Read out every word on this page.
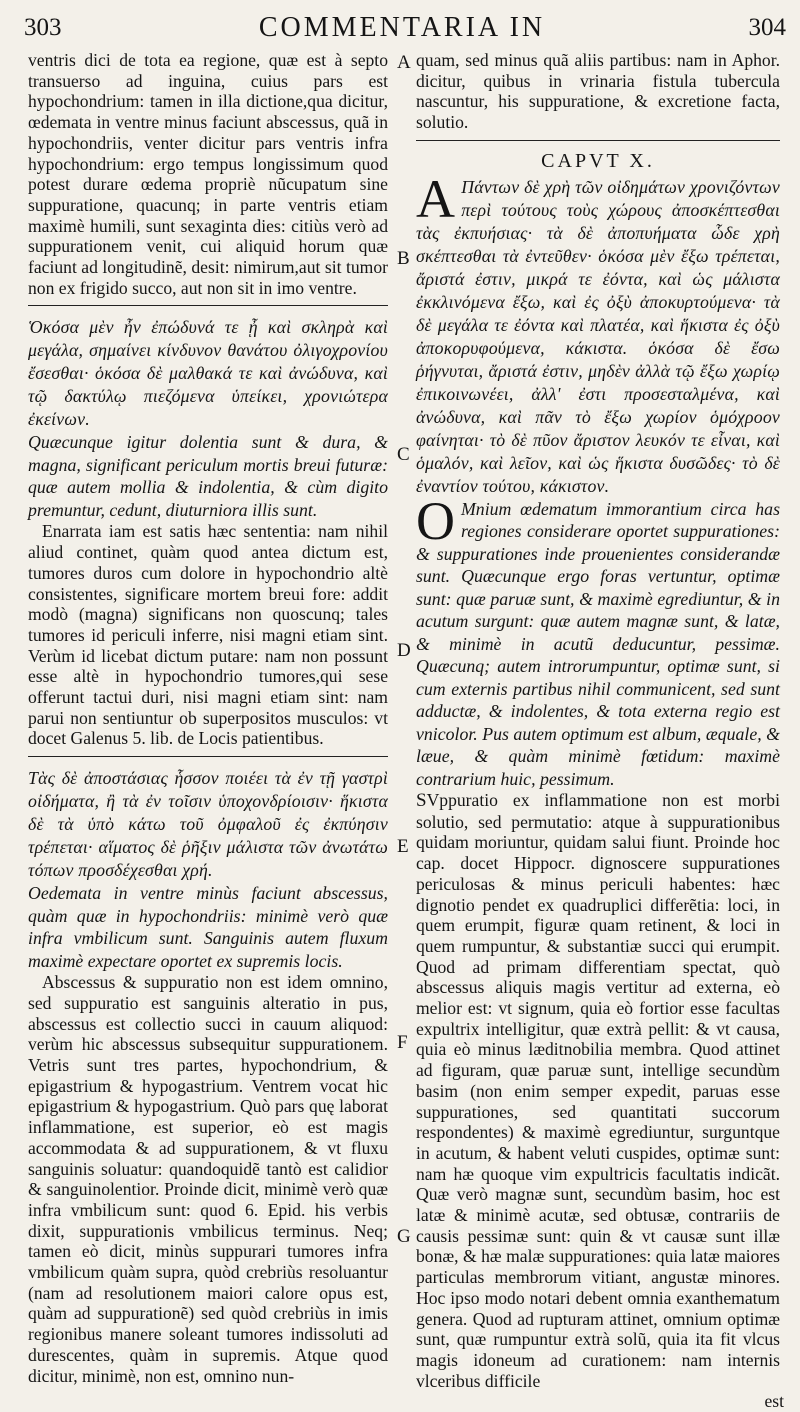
303	COMMENTARIA IN	304
A
B
C
D
E
F
G

ventris dici de tota ea regione, quæ est à septo transuerso ad inguina, cuius pars est hypochondrium: tamen in illa dictione,qua dicitur, œdemata in ventre minus faciunt abscessus, quã in hypochondriis, venter dicitur pars ventris infra hypochondrium: ergo tempus longissimum quod potest durare œdema propriè nũcupatum sine suppuratione, quacunq; in parte ventris etiam maximè humili, sunt sexaginta dies: citiùs verò ad suppurationem venit, cui aliquid horum quæ faciunt ad longitudinẽ, desit: nimirum,aut sit tumor non ex frigido succo, aut non sit in imo ventre.

Ὁκόσα μὲν ἦν ἐπώδυνά τε ᾖ καὶ σκληρὰ καὶ μεγάλα, σημαίνει κίνδυνον θανάτου ὀλιγοχρονίου ἔσεσθαι· ὁκόσα δὲ μαλθακά τε καὶ ἀνώδυνα, καὶ τῷ δακτύλῳ πιεζόμενα ὑπείκει, χρονιώτερα ἐκείνων.

Quæcunque igitur dolentia sunt & dura, & magna, significant periculum mortis breui futuræ: quæ autem mollia & indolentia, & cùm digito premuntur, cedunt, diuturniora illis sunt.

Enarrata iam est satis hæc sententia: nam nihil aliud continet, quàm quod antea dictum est, tumores duros cum dolore in hypochondrio altè consistentes, significare mortem breui fore: addit modò (magna) significans non quoscunq; tales tumores id periculi inferre, nisi magni etiam sint. Verùm id licebat dictum putare: nam non possunt esse altè in hypochondrio tumores,qui sese offerunt tactui duri, nisi magni etiam sint: nam parui non sentiuntur ob superpositos musculos: vt docet Galenus 5. lib. de Locis patientibus.

Τὰς δὲ ἀποστάσιας ἧσσον ποιέει τὰ ἐν τῇ γαστρὶ οἰδήματα, ἢ τὰ ἐν τοῖσιν ὑποχονδρίοισιν· ἥκιστα δὲ τὰ ὑπὸ κάτω τοῦ ὀμφαλοῦ ἐς ἐκπύησιν τρέπεται· αἵματος δὲ ῥῆξιν μάλιστα τῶν ἀνωτάτω τόπων προσδέχεσθαι χρή.

Oedemata in ventre minùs faciunt abscessus, quàm quæ in hypochondriis: minimè verò quæ infra vmbilicum sunt. Sanguinis autem fluxum maximè expectare oportet ex supremis locis.

Abscessus & suppuratio non est idem omnino, sed suppuratio est sanguinis alteratio in pus, abscessus est collectio succi in cauum aliquod: verùm hic abscessus subsequitur suppurationem. Vetris sunt tres partes, hypochondrium, & epigastrium & hypogastrium. Ventrem vocat hic epigastrium & hypogastrium. Quò pars quę laborat inflammatione, est superior, eò est magis accommodata & ad suppurationem, & vt fluxu sanguinis soluatur: quandoquidẽ tantò est calidior & sanguinolentior. Proinde dicit, minimè verò quæ infra vmbilicum sunt: quod 6. Epid. his verbis dixit, suppurationis vmbilicus terminus. Neq; tamen eò dicit, minùs suppurari tumores infra vmbilicum quàm supra, quòd crebriùs resoluantur (nam ad resolutionem maiori calore opus est, quàm ad suppurationẽ) sed quòd crebriùs in imis regionibus manere soleant tumores indissoluti ad durescentes, quàm in supremis. Atque quod dicitur, minimè, non est, omnino nun-

quam, sed minus quã aliis partibus: nam in Aphor. dicitur, quibus in vrinaria fistula tubercula nascuntur, his suppuratione, & excretione facta, solutio.

CAPVT X.

Α Πάντων δὲ χρὴ τῶν οἰδημάτων χρονιζόντων περὶ τούτους τοὺς χώρους ἀποσκέπτεσθαι τὰς ἐκπυήσιας· τὰ δὲ ἀποπυήματα ὧδε χρὴ σκέπτεσθαι τὰ ἐντεῦθεν· ὁκόσα μὲν ἔξω τρέπεται, ἄριστά ἐστιν, μικρά τε ἐόντα, καὶ ὡς μάλιστα ἐκκλινόμενα ἔξω, καὶ ἐς ὀξὺ ἀποκυρτούμενα· τὰ δὲ μεγάλα τε ἐόντα καὶ πλατέα, καὶ ἥκιστα ἐς ὀξὺ ἀποκορυφούμενα, κάκιστα. ὁκόσα δὲ ἔσω ῥήγνυται, ἄριστά ἐστιν, μηδὲν ἀλλὰ τῷ ἔξω χωρίῳ ἐπικοινωνέει, ἀλλ' ἐστι προσεσταλμένα, καὶ ἀνώδυνα, καὶ πᾶν τὸ ἔξω χωρίον ὁμόχροον φαίνηται· τὸ δὲ πῦον ἄριστον λευκόν τε εἶναι, καὶ ὁμαλόν, καὶ λεῖον, καὶ ὡς ἥκιστα δυσῶδες· τὸ δὲ ἐναντίον τούτου, κάκιστον.

O Mnium œdematum immorantium circa has regiones considerare oportet suppurationes: & suppurationes inde prouenientes considerandæ sunt. Quæcunque ergo foras vertuntur, optimæ sunt: quæ paruæ sunt, & maximè egrediuntur, & in acutum surgunt: quæ autem magnæ sunt, & latæ, & minimè in acutũ deducuntur, pessimæ. Quæcunq; autem introrumpuntur, optimæ sunt, si cum externis partibus nihil communicent, sed sunt adductæ, & indolentes, & tota externa regio est vnicolor. Pus autem optimum est album, æquale, & læue, & quàm minimè fœtidum: maximè contrarium huic, pessimum.

SVppuratio ex inflammatione non est morbi solutio, sed permutatio: atque à suppurationibus quidam moriuntur, quidam salui fiunt. Proinde hoc cap. docet Hippocr. dignoscere suppurationes periculosas & minus periculi habentes: hæc dignotio pendet ex quadruplici differẽtia: loci, in quem erumpit, figuræ quam retinent, & loci in quem rumpuntur, & substantiæ succi qui erumpit. Quod ad primam differentiam spectat, quò abscessus aliquis magis vertitur ad externa, eò melior est: vt signum, quia eò fortior esse facultas expultrix intelligitur, quæ extrà pellit: & vt causa, quia eò minus læditnobilia membra. Quod attinet ad figuram, quæ paruæ sunt, intellige secundùm basim (non enim semper expedit, paruas esse suppurationes, sed quantitati succorum respondentes) & maximè egrediuntur, surguntque in acutum, & habent veluti cuspides, optimæ sunt: nam hæ quoque vim expultricis facultatis indicãt. Quæ verò magnæ sunt, secundùm basim, hoc est latæ & minimè acutæ, sed obtusæ, contrariis de causis pessimæ sunt: quin & vt causæ sunt illæ bonæ, & hæ malæ suppurationes: quia latæ maiores particulas membrorum vitiant, angustæ minores. Hoc ipso modo notari debent omnia exanthematum genera. Quod ad rupturam attinet, omnium optimæ sunt, quæ rumpuntur extrà solũ, quia ita fit vlcus magis idoneum ad curationem: nam internis vlceribus difficile

est
